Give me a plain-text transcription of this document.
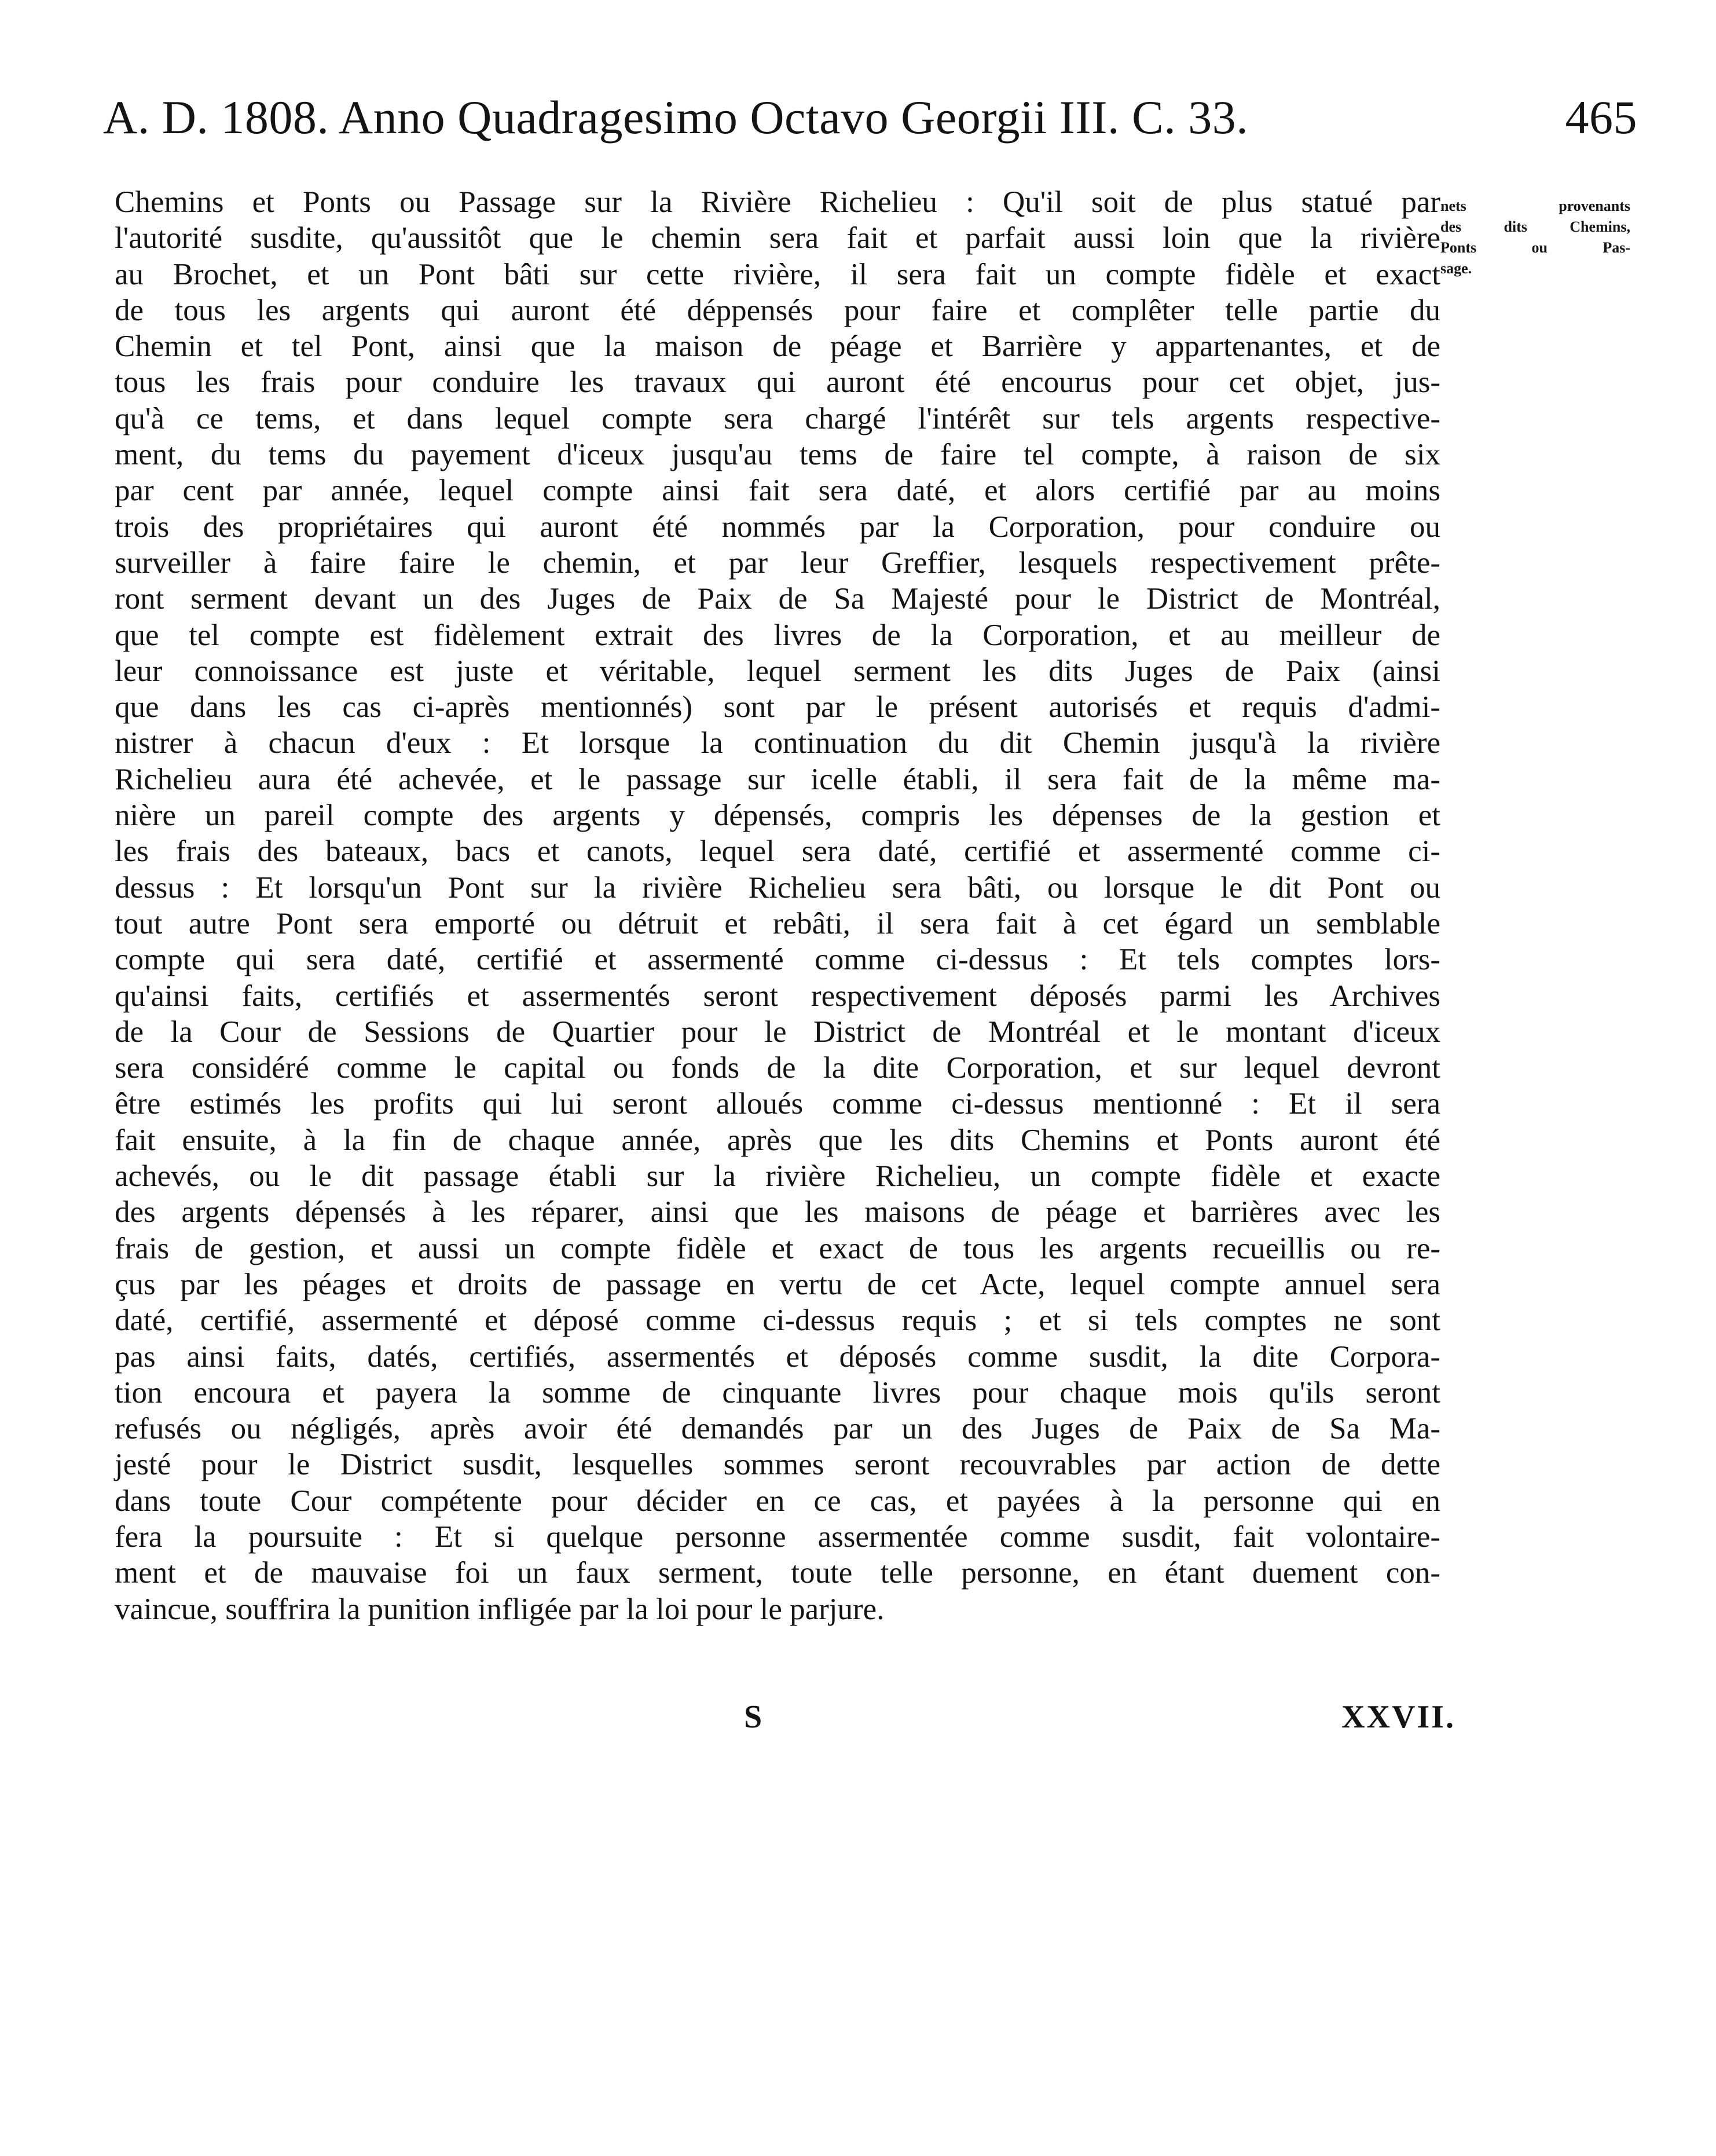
A. D. 1808. Anno Quadragesimo Octavo Georgii III. C. 33.	465
Chemins et Ponts ou Passage sur la Rivière Richelieu : Qu'il soit de plus statué par
l'autorité susdite, qu'aussitôt que le chemin sera fait et parfait aussi loin que la rivière
au Brochet, et un Pont bâti sur cette rivière, il sera fait un compte fidèle et exact
de tous les argents qui auront été déppensés pour faire et complêter telle partie du
Chemin et tel Pont, ainsi que la maison de péage et Barrière y appartenantes, et de
tous les frais pour conduire les travaux qui auront été encourus pour cet objet, jus-
qu'à ce tems, et dans lequel compte sera chargé l'intérêt sur tels argents respective-
ment, du tems du payement d'iceux jusqu'au tems de faire tel compte, à raison de six
par cent par année, lequel compte ainsi fait sera daté, et alors certifié par au moins
trois des propriétaires qui auront été nommés par la Corporation, pour conduire ou
surveiller à faire faire le chemin, et par leur Greffier, lesquels respectivement prête-
ront serment devant un des Juges de Paix de Sa Majesté pour le District de Montréal,
que tel compte est fidèlement extrait des livres de la Corporation, et au meilleur de
leur connoissance est juste et véritable, lequel serment les dits Juges de Paix (ainsi
que dans les cas ci-après mentionnés) sont par le présent autorisés et requis d'admi-
nistrer à chacun d'eux : Et lorsque la continuation du dit Chemin jusqu'à la rivière
Richelieu aura été achevée, et le passage sur icelle établi, il sera fait de la même ma-
nière un pareil compte des argents y dépensés, compris les dépenses de la gestion et
les frais des bateaux, bacs et canots, lequel sera daté, certifié et assermenté comme ci-
dessus : Et lorsqu'un Pont sur la rivière Richelieu sera bâti, ou lorsque le dit Pont ou
tout autre Pont sera emporté ou détruit et rebâti, il sera fait à cet égard un semblable
compte qui sera daté, certifié et assermenté comme ci-dessus : Et tels comptes lors-
qu'ainsi faits, certifiés et assermentés seront respectivement déposés parmi les Archives
de la Cour de Sessions de Quartier pour le District de Montréal et le montant d'iceux
sera considéré comme le capital ou fonds de la dite Corporation, et sur lequel devront
être estimés les profits qui lui seront alloués comme ci-dessus mentionné : Et il sera
fait ensuite, à la fin de chaque année, après que les dits Chemins et Ponts auront été
achevés, ou le dit passage établi sur la rivière Richelieu, un compte fidèle et exacte
des argents dépensés à les réparer, ainsi que les maisons de péage et barrières avec les
frais de gestion, et aussi un compte fidèle et exact de tous les argents recueillis ou re-
çus par les péages et droits de passage en vertu de cet Acte, lequel compte annuel sera
daté, certifié, assermenté et déposé comme ci-dessus requis ; et si tels comptes ne sont
pas ainsi faits, datés, certifiés, assermentés et déposés comme susdit, la dite Corpora-
tion encoura et payera la somme de cinquante livres pour chaque mois qu'ils seront
refusés ou négligés, après avoir été demandés par un des Juges de Paix de Sa Ma-
jesté pour le District susdit, lesquelles sommes seront recouvrables par action de dette
dans toute Cour compétente pour décider en ce cas, et payées à la personne qui en
fera la poursuite : Et si quelque personne assermentée comme susdit, fait volontaire-
ment et de mauvaise foi un faux serment, toute telle personne, en étant duement con-
vaincue, souffrira la punition infligée par la loi pour le parjure.
nets provenants
des dits Chemins,
Ponts ou Pas-
sage.
S	XXVII.
